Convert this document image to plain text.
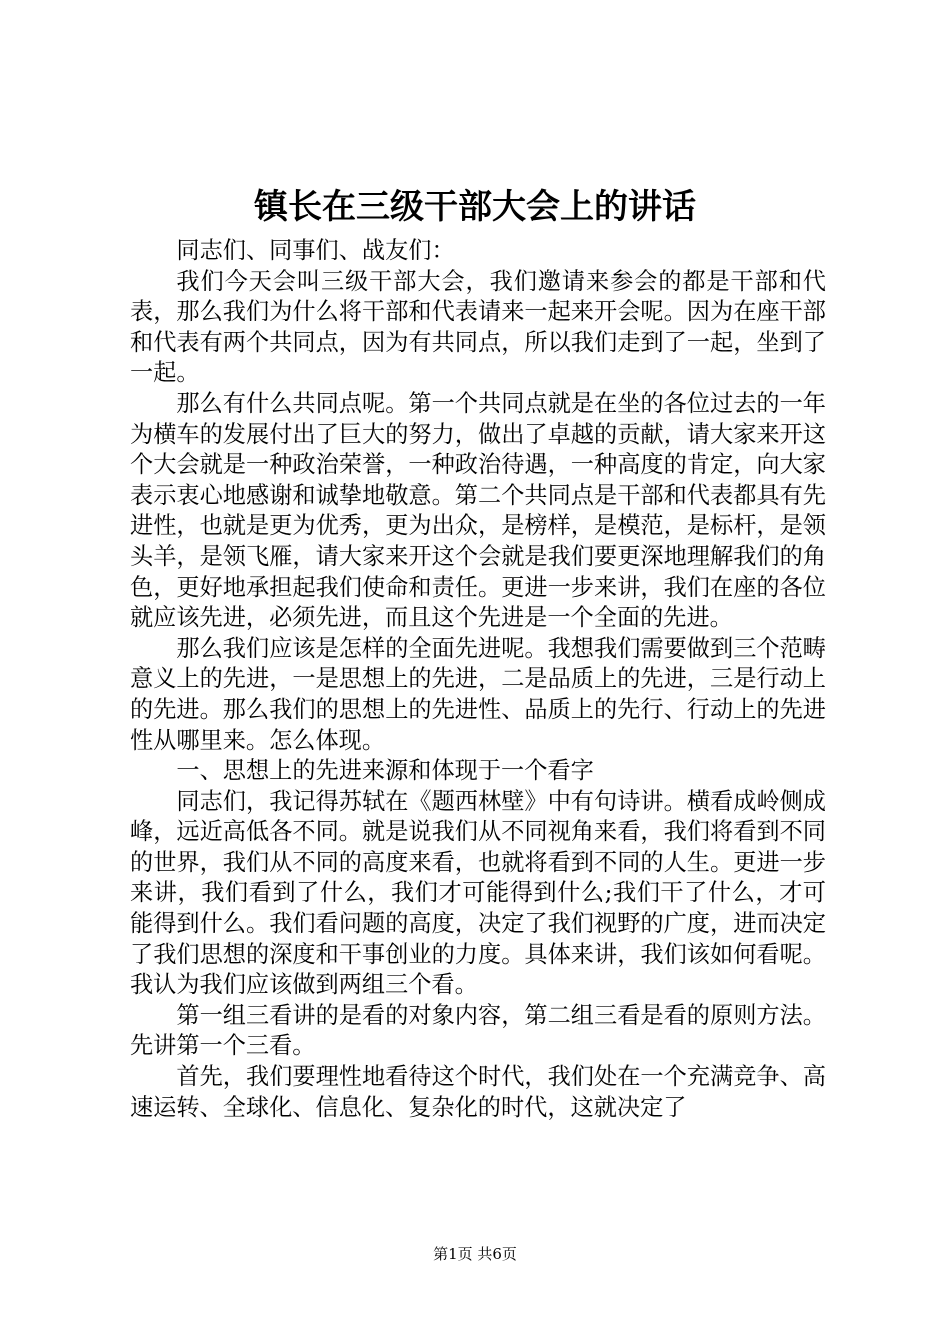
镇长在三级干部大会上的讲话

同志们、同事们、战友们：

我们今天会叫三级干部大会，我们邀请来参会的都是干部和代表，那么我们为什么将干部和代表请来一起来开会呢。因为在座干部和代表有两个共同点，因为有共同点，所以我们走到了一起，坐到了一起。

那么有什么共同点呢。第一个共同点就是在坐的各位过去的一年为横车的发展付出了巨大的努力，做出了卓越的贡献，请大家来开这个大会就是一种政治荣誉，一种政治待遇，一种高度的肯定，向大家表示衷心地感谢和诚挚地敬意。第二个共同点是干部和代表都具有先进性，也就是更为优秀，更为出众，是榜样，是模范，是标杆，是领头羊，是领飞雁，请大家来开这个会就是我们要更深地理解我们的角色，更好地承担起我们使命和责任。更进一步来讲，我们在座的各位就应该先进，必须先进，而且这个先进是一个全面的先进。

那么我们应该是怎样的全面先进呢。我想我们需要做到三个范畴意义上的先进，一是思想上的先进，二是品质上的先进，三是行动上的先进。那么我们的思想上的先进性、品质上的先行、行动上的先进性从哪里来。怎么体现。

一、思想上的先进来源和体现于一个看字

同志们，我记得苏轼在《题西林壁》中有句诗讲。横看成岭侧成峰，远近高低各不同。就是说我们从不同视角来看，我们将看到不同的世界，我们从不同的高度来看，也就将看到不同的人生。更进一步来讲，我们看到了什么，我们才可能得到什么;我们干了什么，才可能得到什么。我们看问题的高度，决定了我们视野的广度，进而决定了我们思想的深度和干事创业的力度。具体来讲，我们该如何看呢。我认为我们应该做到两组三个看。

第一组三看讲的是看的对象内容，第二组三看是看的原则方法。先讲第一个三看。

首先，我们要理性地看待这个时代，我们处在一个充满竞争、高速运转、全球化、信息化、复杂化的时代，这就决定了

第1页 共6页
